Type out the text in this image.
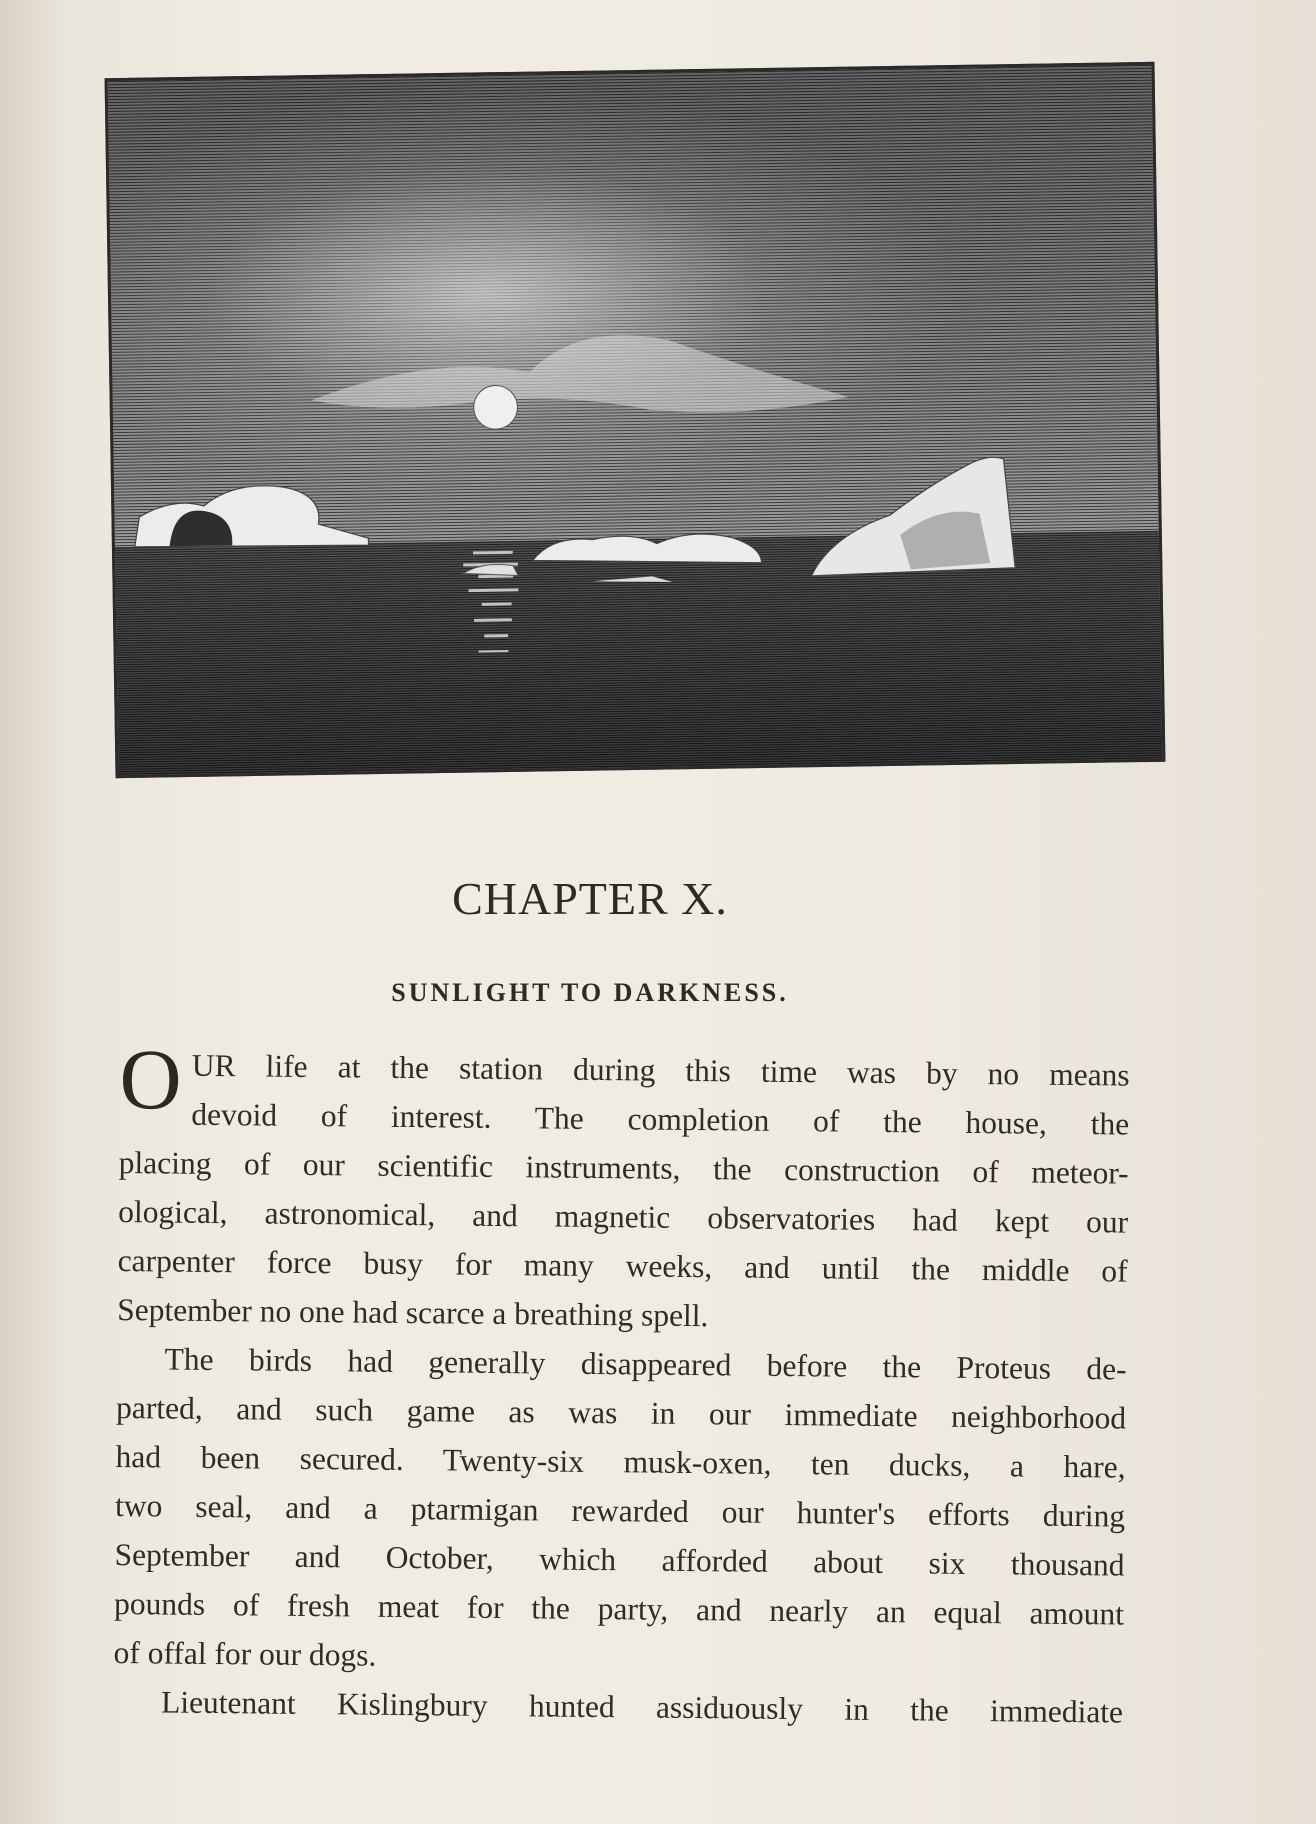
CHAPTER X.
SUNLIGHT TO DARKNESS.
O UR life at the station during this time was by no means
devoid of interest. The completion of the house, the
placing of our scientific instruments, the construction of meteor-
ological, astronomical, and magnetic observatories had kept our
carpenter force busy for many weeks, and until the middle of
September no one had scarce a breathing spell.
The birds had generally disappeared before the Proteus de-
parted, and such game as was in our immediate neighborhood
had been secured. Twenty-six musk-oxen, ten ducks, a hare,
two seal, and a ptarmigan rewarded our hunter's efforts during
September and October, which afforded about six thousand
pounds of fresh meat for the party, and nearly an equal amount
of offal for our dogs.
Lieutenant Kislingbury hunted assiduously in the immediate
